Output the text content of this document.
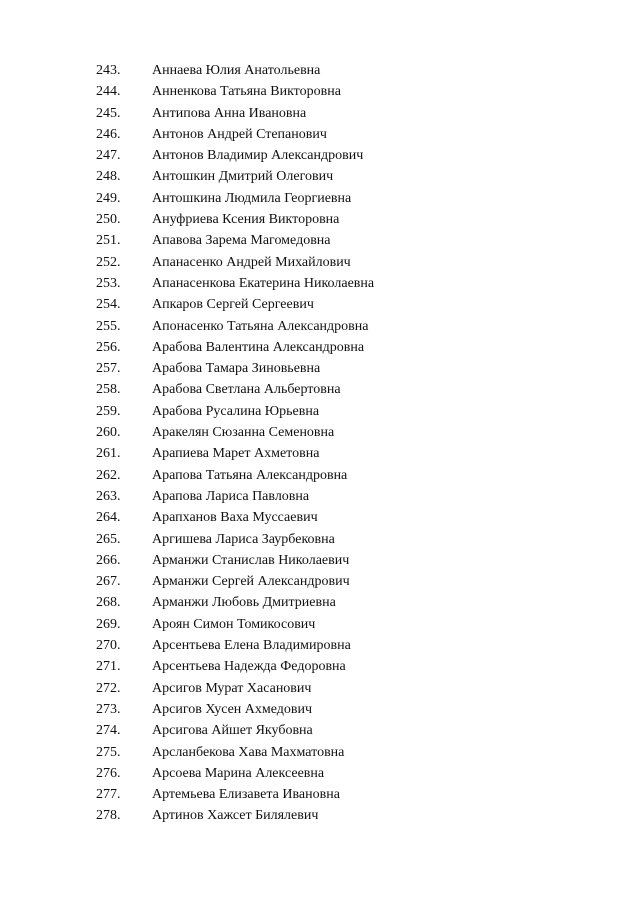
243. Аннаева Юлия Анатольевна
244. Анненкова Татьяна Викторовна
245. Антипова Анна Ивановна
246. Антонов Андрей Степанович
247. Антонов Владимир Александрович
248. Антошкин Дмитрий Олегович
249. Антошкина Людмила Георгиевна
250. Ануфриева Ксения Викторовна
251. Апавова Зарема Магомедовна
252. Апанасенко Андрей Михайлович
253. Апанасенкова Екатерина Николаевна
254. Апкаров Сергей Сергеевич
255. Апонасенко Татьяна Александровна
256. Арабова Валентина Александровна
257. Арабова Тамара Зиновьевна
258. Арабова Светлана Альбертовна
259. Арабова Русалина Юрьевна
260. Аракелян Сюзанна Семеновна
261. Арапиева Марет Ахметовна
262. Арапова Татьяна Александровна
263. Арапова Лариса Павловна
264. Арапханов Ваха Муссаевич
265. Аргишева Лариса Заурбековна
266. Арманжи Станислав Николаевич
267. Арманжи Сергей Александрович
268. Арманжи Любовь Дмитриевна
269. Ароян Симон Томикосович
270. Арсентьева Елена Владимировна
271. Арсентьева Надежда Федоровна
272. Арсигов Мурат Хасанович
273. Арсигов Хусен Ахмедович
274. Арсигова Айшет Якубовна
275. Арсланбекова Хава Махматовна
276. Арсоева Марина Алексеевна
277. Артемьева Елизавета Ивановна
278. Артинов Хажсет Билялевич
